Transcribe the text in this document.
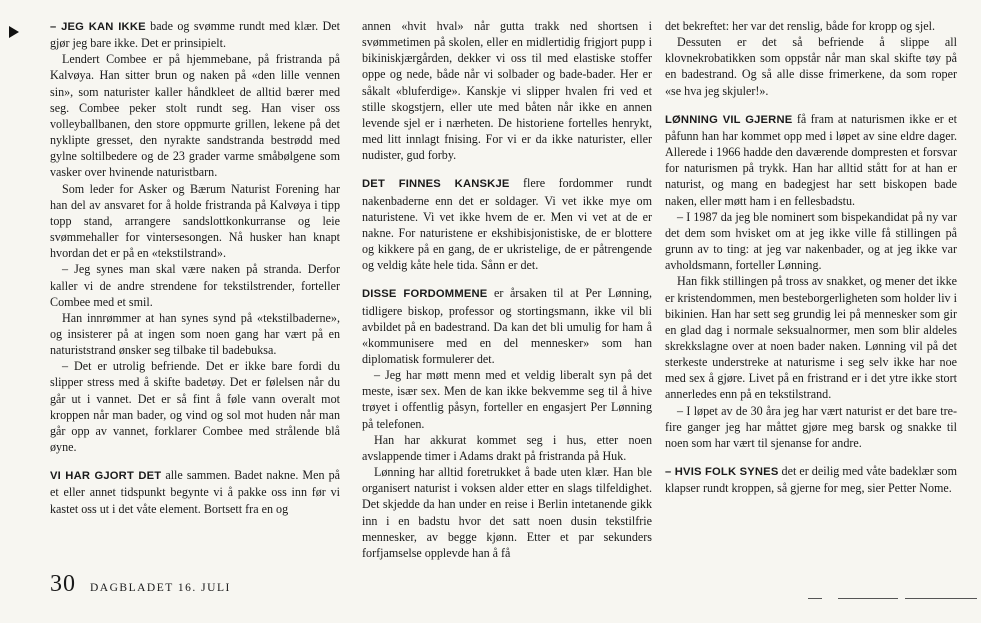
– JEG KAN IKKE bade og svømme rundt med klær. Det gjør jeg bare ikke. Det er prinsipielt.

Lendert Combee er på hjemmebane, på fristranda på Kalvøya. Han sitter brun og naken på «den lille vennen sin», som naturister kaller håndkleet de alltid bærer med seg. Combee peker stolt rundt seg. Han viser oss volleyballbanen, den store oppmurte grillen, lekene på det nyklipte gresset, den nyrakte sandstranda bestrødd med gylne soltilbedere og de 23 grader varme småbølgene som vasker over hvinende naturistbarn.

Som leder for Asker og Bærum Naturist Forening har han del av ansvaret for å holde fristranda på Kalvøya i tipp topp stand, arrangere sandslottkonkurranse og leie svømmehaller for vintersesongen. Nå husker han knapt hvordan det er på en «tekstilstrand».

– Jeg synes man skal være naken på stranda. Derfor kaller vi de andre strendene for tekstilstrender, forteller Combee med et smil.

Han innrømmer at han synes synd på «tekstilbaderne», og insisterer på at ingen som noen gang har vært på en naturiststrand ønsker seg tilbake til badebuksa.

– Det er utrolig befriende. Det er ikke bare fordi du slipper stress med å skifte badetøy. Det er følelsen når du går ut i vannet. Det er så fint å føle vann overalt mot kroppen når man bader, og vind og sol mot huden når man går opp av vannet, forklarer Combee med strålende blå øyne.

VI HAR GJORT DET alle sammen. Badet nakne. Men på et eller annet tidspunkt begynte vi å pakke oss inn før vi kastet oss ut i det våte element. Bortsett fra en og

annen «hvit hval» når gutta trakk ned shortsen i svømmetimen på skolen, eller en midlertidig frigjort pupp i bikiniskjærgården, dekker vi oss til med elastiske stoffer oppe og nede, både når vi solbader og bade-bader. Her er såkalt «bluferdige». Kanskje vi slipper hvalen fri ved et stille skogstjern, eller ute med båten når ikke en annen levende sjel er i nærheten. De historiene fortelles henrykt, med litt innlagt fnising. For vi er da ikke naturister, eller nudister, gud forby.

DET FINNES KANSKJE flere fordommer rundt nakenbaderne enn det er soldager. Vi vet ikke mye om naturistene. Vi vet ikke hvem de er. Men vi vet at de er nakne. For naturistene er ekshibisjonistiske, de er blottere og kikkere på en gang, de er ukristelige, de er påtrengende og veldig kåte hele tida. Sånn er det.

DISSE FORDOMMENE er årsaken til at Per Lønning, tidligere biskop, professor og stortingsmann, ikke vil bli avbildet på en badestrand. Da kan det bli umulig for ham å «kommunisere med en del mennesker» som han diplomatisk formulerer det.

– Jeg har møtt menn med et veldig liberalt syn på det meste, især sex. Men de kan ikke bekvemme seg til å hive trøyet i offentlig påsyn, forteller en engasjert Per Lønning på telefonen.

Han har akkurat kommet seg i hus, etter noen avslappende timer i Adams drakt på fristranda på Huk.

Lønning har alltid foretrukket å bade uten klær. Han ble organisert naturist i voksen alder etter en slags tilfeldighet. Det skjedde da han under en reise i Berlin intetanende gikk inn i en badstu hvor det satt noen dusin tekstilfrie mennesker, av begge kjønn. Etter et par sekunders forfjamselse opplevde han å få

det bekreftet: her var det renslig, både for kropp og sjel.

Dessuten er det så befriende å slippe all klovnekrobatikken som oppstår når man skal skifte tøy på en badestrand. Og så alle disse frimerkene, da som roper «se hva jeg skjuler!».

LØNNING VIL GJERNE få fram at naturismen ikke er et påfunn han har kommet opp med i løpet av sine eldre dager. Allerede i 1966 hadde den daværende dompresten et forsvar for naturismen på trykk. Han har alltid stått for at han er naturist, og mang en badegjest har sett biskopen bade naken, eller møtt ham i en fellesbadstu.

– I 1987 da jeg ble nominert som bispekandidat på ny var det dem som hvisket om at jeg ikke ville få stillingen på grunn av to ting: at jeg var nakenbader, og at jeg ikke var avholdsmann, forteller Lønning.

Han fikk stillingen på tross av snakket, og mener det ikke er kristendommen, men besteborgerligheten som holder liv i bikinien. Han har sett seg grundig lei på mennesker som gir en glad dag i normale seksualnormer, men som blir aldeles skrekkslagne over at noen bader naken. Lønning vil på det sterkeste understreke at naturisme i seg selv ikke har noe med sex å gjøre. Livet på en fristrand er i det ytre ikke stort annerledes enn på en tekstilstrand.

– I løpet av de 30 åra jeg har vært naturist er det bare tre-fire ganger jeg har måttet gjøre meg barsk og snakke til noen som har vært til sjenanse for andre.

– HVIS FOLK SYNES det er deilig med våte badeklær som klapser rundt kroppen, så gjerne for meg, sier Petter Nome.

30 DAGBLADET 16. JULI
